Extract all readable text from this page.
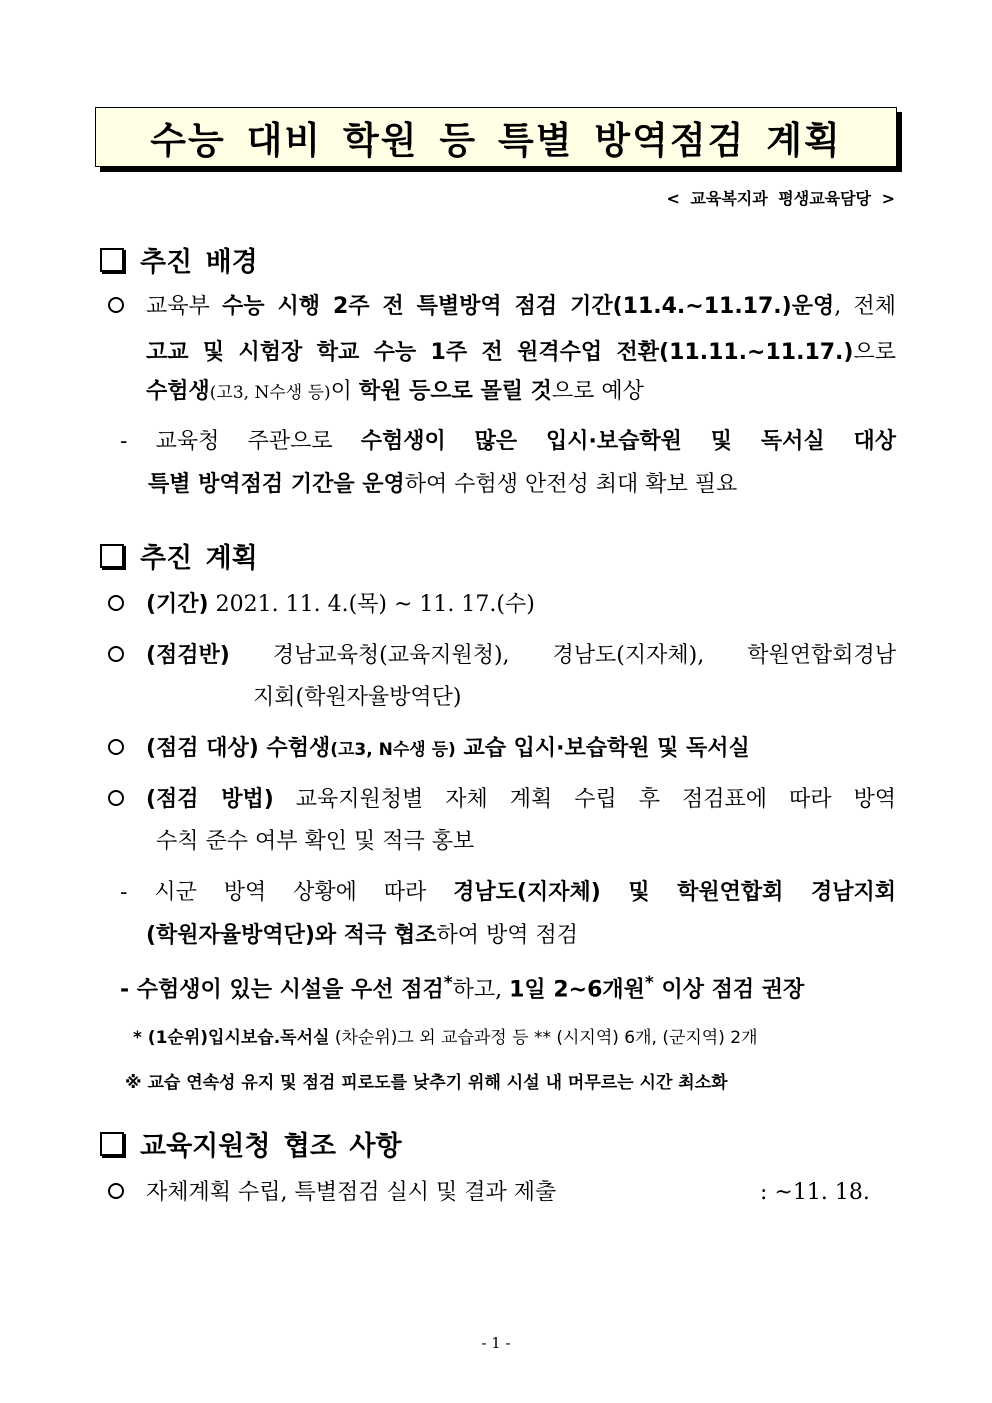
수능 대비 학원 등 특별 방역점검 계획
< 교육복지과 평생교육담당 >
추진 배경
교육부 수능 시행 2주 전 특별방역 점검 기간(11.4.~11.17.)운영, 전체
고교 및 시험장 학교 수능 1주 전 원격수업 전환(11.11.~11.17.)으로
수험생(고3, N수생 등)이 학원 등으로 몰릴 것으로 예상
- 교육청 주관으로 수험생이 많은 입시·보습학원 및 독서실 대상
특별 방역점검 기간을 운영하여 수험생 안전성 최대 확보 필요
추진 계획
(기간) 2021. 11. 4.(목) ~ 11. 17.(수)
(점검반) 경남교육청(교육지원청), 경남도(지자체), 학원연합회경남
지회(학원자율방역단)
(점검 대상) 수험생(고3, N수생 등) 교습 입시·보습학원 및 독서실
(점검 방법) 교육지원청별 자체 계획 수립 후 점검표에 따라 방역
수칙 준수 여부 확인 및 적극 홍보
- 시군 방역 상황에 따라 경남도(지자체) 및 학원연합회 경남지회
(학원자율방역단)와 적극 협조하여 방역 점검
- 수험생이 있는 시설을 우선 점검*하고, 1일 2~6개원* 이상 점검 권장
* (1순위)입시보습.독서실 (차순위)그 외 교습과정 등 ** (시지역) 6개, (군지역) 2개
※ 교습 연속성 유지 및 점검 피로도를 낮추기 위해 시설 내 머무르는 시간 최소화
교육지원청 협조 사항
자체계획 수립, 특별점검 실시 및 결과 제출	: ~11. 18.
- 1 -
